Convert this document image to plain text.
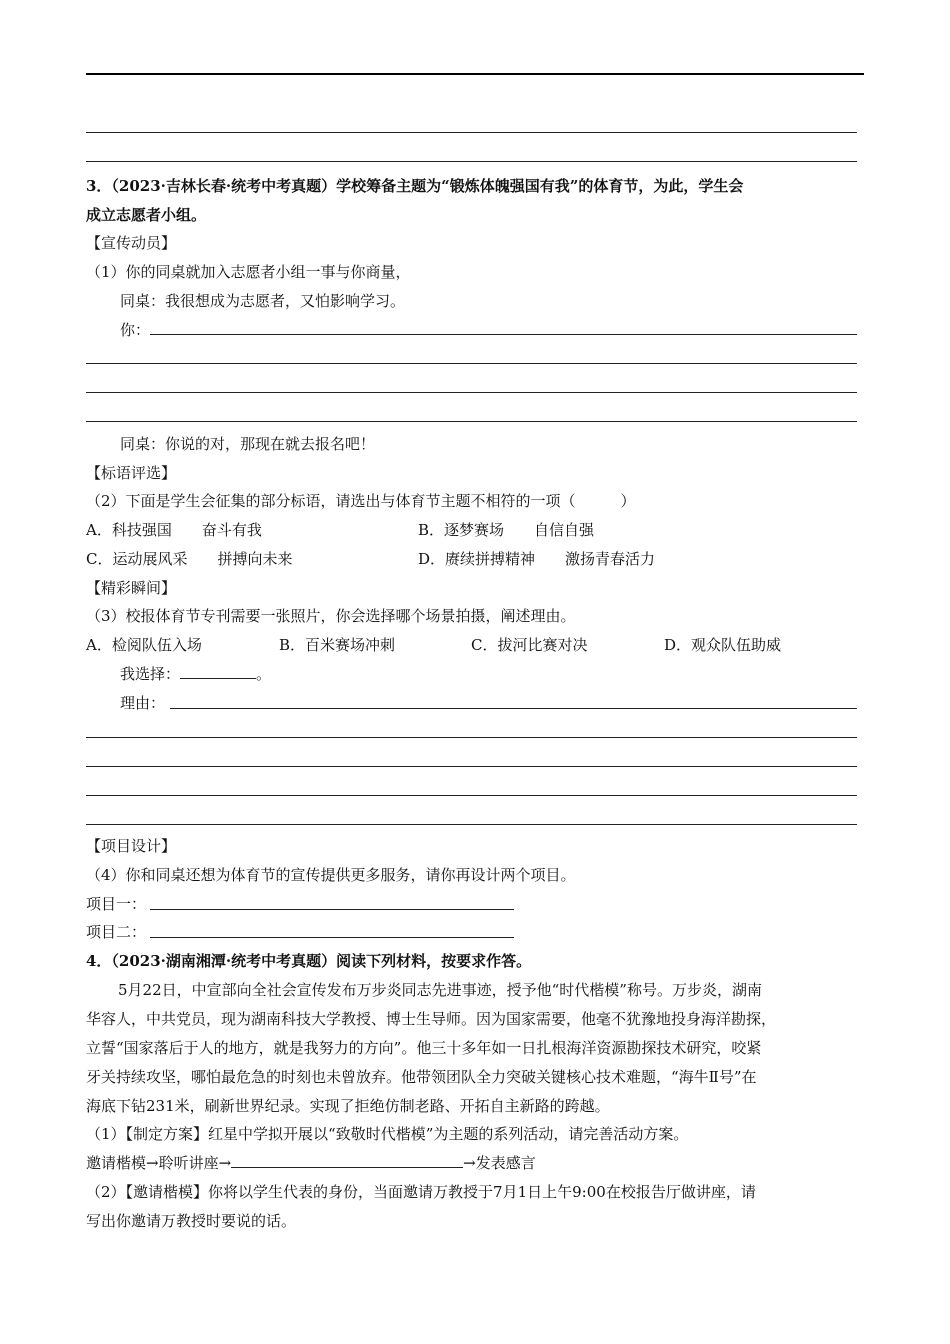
3．（2023·吉林长春·统考中考真题）学校筹备主题为“锻炼体魄强国有我”的体育节，为此，学生会
成立志愿者小组。
【宣传动员】
（1）你的同桌就加入志愿者小组一事与你商量，
同桌：我很想成为志愿者，又怕影响学习。
你：
同桌：你说的对，那现在就去报名吧！
【标语评选】
（2）下面是学生会征集的部分标语，请选出与体育节主题不相符的一项（　　　）
A．科技强国　　奋斗有我	B．逐梦赛场　　自信自强
C．运动展风采　　拼搏向未来	D．赓续拼搏精神　　激扬青春活力
【精彩瞬间】
（3）校报体育节专刊需要一张照片，你会选择哪个场景拍摄，阐述理由。
A．检阅队伍入场	B．百米赛场冲刺	C．拔河比赛对决	D．观众队伍助威
我选择：	。
理由：
【项目设计】
（4）你和同桌还想为体育节的宣传提供更多服务，请你再设计两个项目。
项目一：
项目二：
4．（2023·湖南湘潭·统考中考真题）阅读下列材料，按要求作答。
5月22日，中宣部向全社会宣传发布万步炎同志先进事迹，授予他“时代楷模”称号。万步炎，湖南
华容人，中共党员，现为湖南科技大学教授、博士生导师。因为国家需要，他毫不犹豫地投身海洋勘探，
立誓“国家落后于人的地方，就是我努力的方向”。他三十多年如一日扎根海洋资源勘探技术研究，咬紧
牙关持续攻坚，哪怕最危急的时刻也未曾放弃。他带领团队全力突破关键核心技术难题，“海牛Ⅱ号”在
海底下钻231米，刷新世界纪录。实现了拒绝仿制老路、开拓自主新路的跨越。
（1）【制定方案】红星中学拟开展以“致敬时代楷模”为主题的系列活动，请完善活动方案。
邀请楷模→聆听讲座→	→发表感言
（2）【邀请楷模】你将以学生代表的身份，当面邀请万教授于7月1日上午9:00在校报告厅做讲座，请
写出你邀请万教授时要说的话。
